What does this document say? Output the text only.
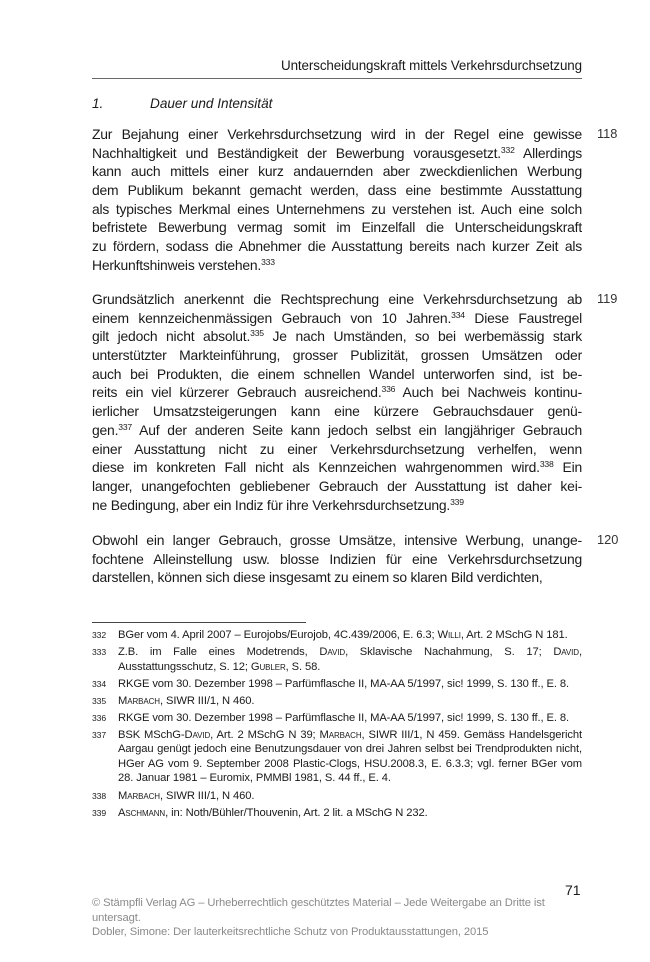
Unterscheidungskraft mittels Verkehrsdurchsetzung
1.	Dauer und Intensität
Zur Bejahung einer Verkehrsdurchsetzung wird in der Regel eine gewisse
Nachhaltigkeit und Beständigkeit der Bewerbung vorausgesetzt.$^{332}$ Allerdings
kann auch mittels einer kurz andauernden aber zweckdienlichen Werbung
dem Publikum bekannt gemacht werden, dass eine bestimmte Ausstattung
als typisches Merkmal eines Unternehmens zu verstehen ist. Auch eine solch
befristete Bewerbung vermag somit im Einzelfall die Unterscheidungskraft
zu fördern, sodass die Abnehmer die Ausstattung bereits nach kurzer Zeit als
Herkunftshinweis verstehen.$^{333}$
118
Grundsätzlich anerkennt die Rechtsprechung eine Verkehrsdurchsetzung ab
einem kennzeichenmässigen Gebrauch von 10 Jahren.$^{334}$ Diese Faustregel
gilt jedoch nicht absolut.$^{335}$ Je nach Umständen, so bei werbemässig stark
unterstützter Markteinführung, grosser Publizität, grossen Umsätzen oder
auch bei Produkten, die einem schnellen Wandel unterworfen sind, ist be-
reits ein viel kürzerer Gebrauch ausreichend.$^{336}$ Auch bei Nachweis kontinu-
ierlicher Umsatzsteigerungen kann eine kürzere Gebrauchsdauer genü-
gen.$^{337}$ Auf der anderen Seite kann jedoch selbst ein langjähriger Gebrauch
einer Ausstattung nicht zu einer Verkehrsdurchsetzung verhelfen, wenn
diese im konkreten Fall nicht als Kennzeichen wahrgenommen wird.$^{338}$ Ein
langer, unangefochten gebliebener Gebrauch der Ausstattung ist daher kei-
ne Bedingung, aber ein Indiz für ihre Verkehrsdurchsetzung.$^{339}$
119
Obwohl ein langer Gebrauch, grosse Umsätze, intensive Werbung, unange-
fochtene Alleinstellung usw. blosse Indizien für eine Verkehrsdurchsetzung
darstellen, können sich diese insgesamt zu einem so klaren Bild verdichten,
120
332 BGer vom 4. April 2007 – Eurojobs/Eurojob, 4C.439/2006, E. 6.3; Willi, Art. 2 MSchG N 181.
333 Z.B. im Falle eines Modetrends, David, Sklavische Nachahmung, S. 17; David, Ausstattungsschutz, S. 12; Gubler, S. 58.
334 RKGE vom 30. Dezember 1998 – Parfümflasche II, MA-AA 5/1997, sic! 1999, S. 130 ff., E. 8.
335 Marbach, SIWR III/1, N 460.
336 RKGE vom 30. Dezember 1998 – Parfümflasche II, MA-AA 5/1997, sic! 1999, S. 130 ff., E. 8.
337 BSK MSchG-David, Art. 2 MSchG N 39; Marbach, SIWR III/1, N 459. Gemäss Handelsgericht Aargau genügt jedoch eine Benutzungsdauer von drei Jahren selbst bei Trendprodukten nicht, HGer AG vom 9. September 2008 Plastic-Clogs, HSU.2008.3, E. 6.3.3; vgl. ferner BGer vom 28. Januar 1981 – Euromix, PMMBl 1981, S. 44 ff., E. 4.
338 Marbach, SIWR III/1, N 460.
339 Aschmann, in: Noth/Bühler/Thouvenin, Art. 2 lit. a MSchG N 232.
71
© Stämpfli Verlag AG – Urheberrechtlich geschütztes Material – Jede Weitergabe an Dritte ist
untersagt.
Dobler, Simone: Der lauterkeitsrechtliche Schutz von Produktausstattungen, 2015
